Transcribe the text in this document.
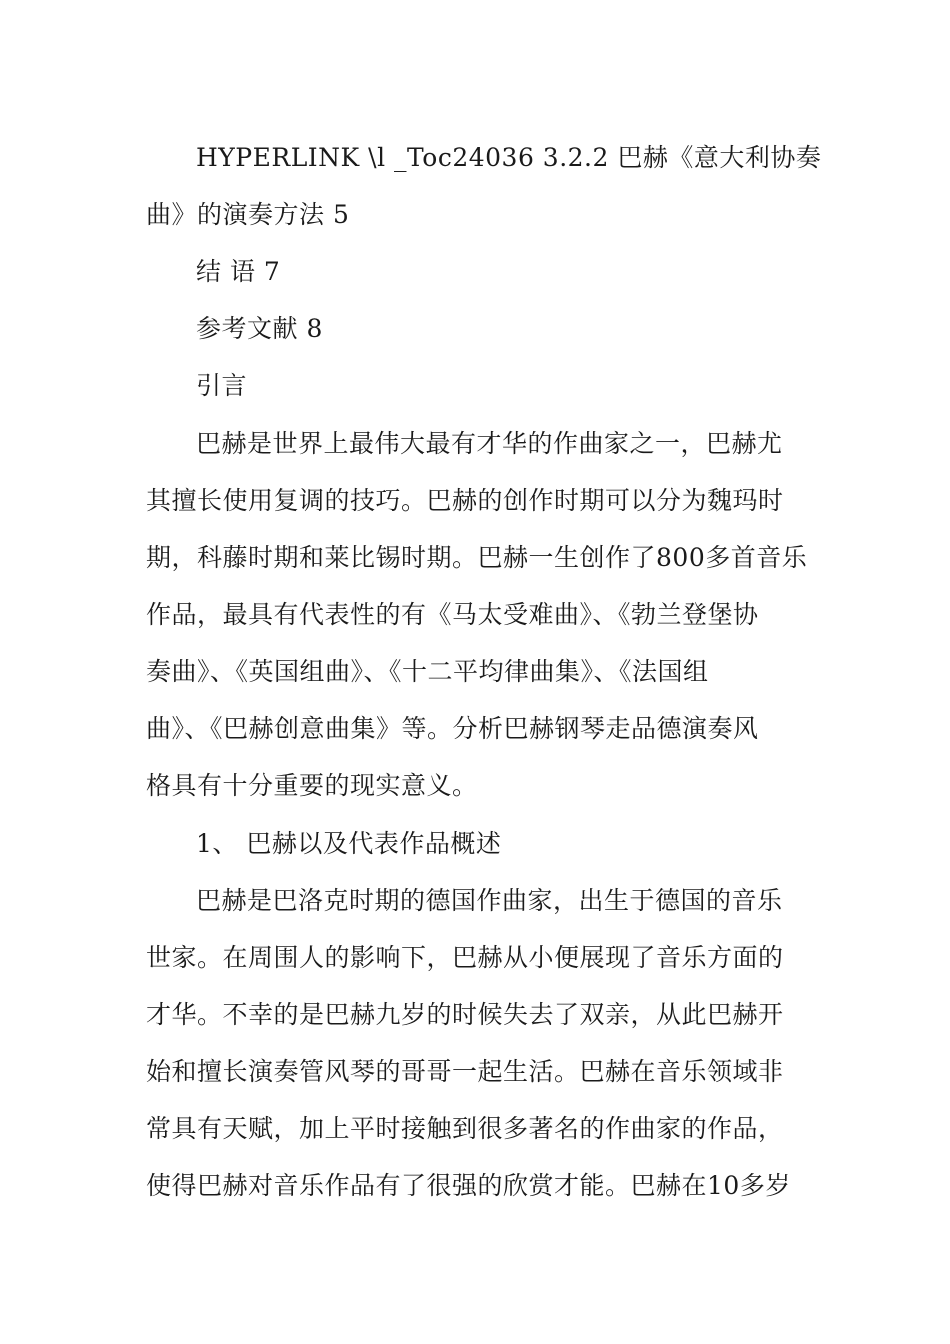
HYPERLINK \l _Toc24036 3.2.2 巴赫《意大利协奏
曲》的演奏方法 5
结 语 7
参考文献 8
引言
巴赫是世界上最伟大最有才华的作曲家之一，巴赫尤
其擅长使用复调的技巧。巴赫的创作时期可以分为魏玛时
期，科藤时期和莱比锡时期。巴赫一生创作了800多首音乐
作品，最具有代表性的有《马太受难曲》、《勃兰登堡协
奏曲》、《英国组曲》、《十二平均律曲集》、《法国组
曲》、《巴赫创意曲集》等。分析巴赫钢琴走品德演奏风
格具有十分重要的现实意义。
1、 巴赫以及代表作品概述
巴赫是巴洛克时期的德国作曲家，出生于德国的音乐
世家。在周围人的影响下，巴赫从小便展现了音乐方面的
才华。不幸的是巴赫九岁的时候失去了双亲，从此巴赫开
始和擅长演奏管风琴的哥哥一起生活。巴赫在音乐领域非
常具有天赋，加上平时接触到很多著名的作曲家的作品，
使得巴赫对音乐作品有了很强的欣赏才能。巴赫在10多岁
